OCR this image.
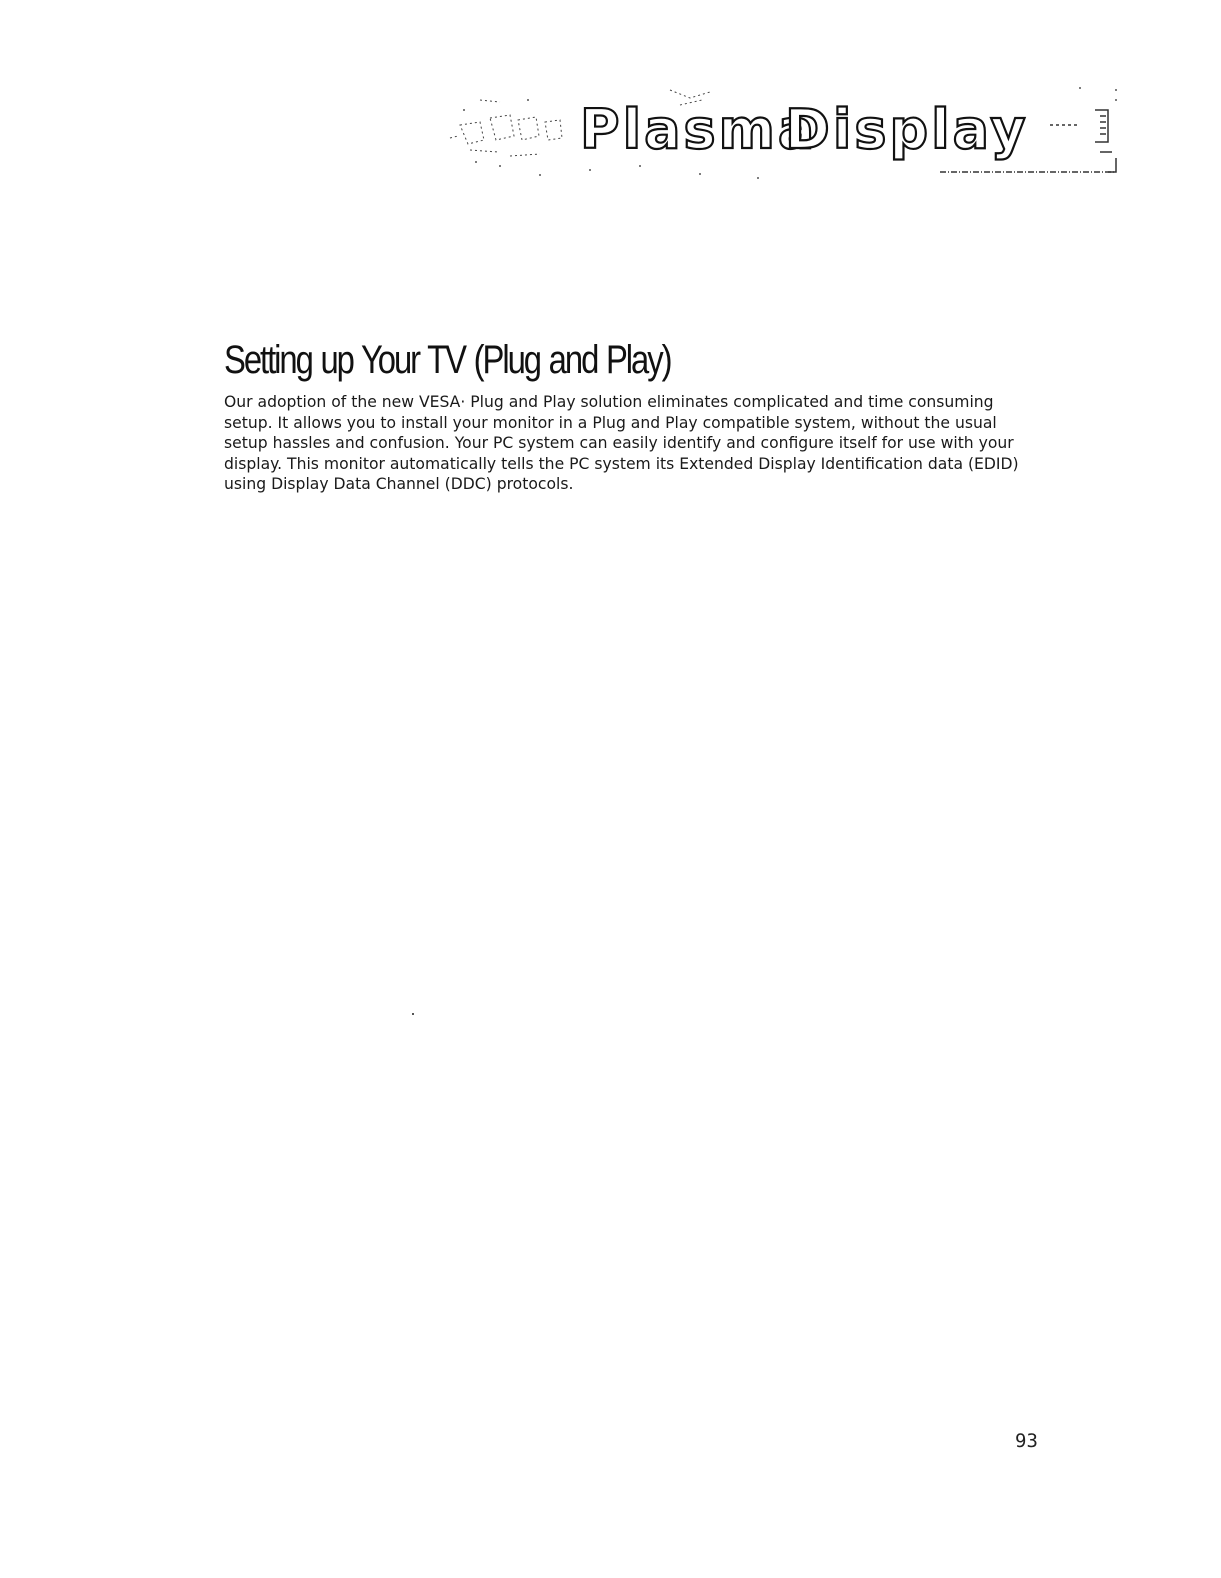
Plasma
Display
Setting up Your TV (Plug and Play)

Our adoption of the new VESA· Plug and Play solution eliminates complicated and time consuming setup. It allows you to install your monitor in a Plug and Play compatible system, without the usual setup hassles and confusion. Your PC system can easily identify and configure itself for use with your display. This monitor automatically tells the PC system its Extended Display Identification data (EDID) using Display Data Channel (DDC) protocols.

93
